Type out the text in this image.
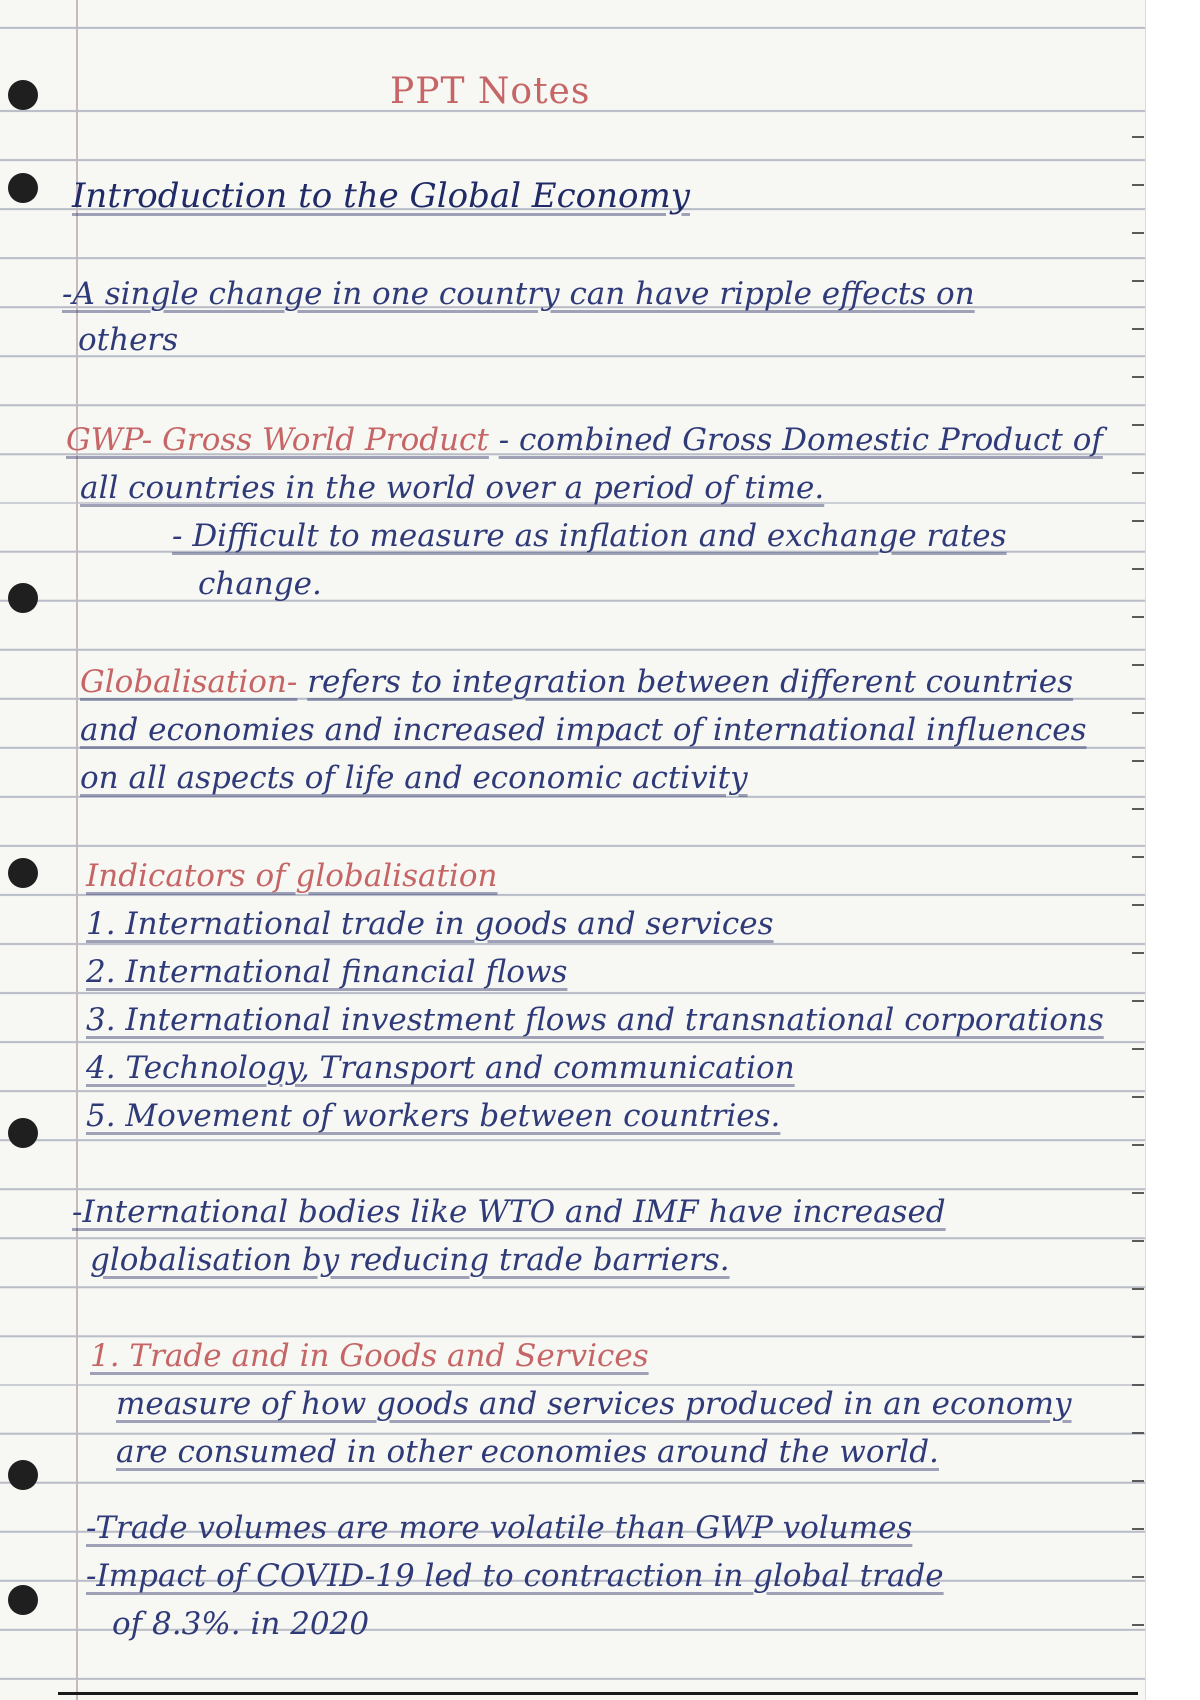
PPT Notes
Introduction to the Global Economy
-A single change in one country can have ripple effects on
others
GWP- Gross World Product - combined Gross Domestic Product of
all countries in the world over a period of time.
- Difficult to measure as inflation and exchange rates
change.
Globalisation- refers to integration between different countries
and economies and increased impact of international influences
on all aspects of life and economic activity
Indicators of globalisation
1. International trade in goods and services
2. International financial flows
3. International investment flows and transnational corporations
4. Technology, Transport and communication
5. Movement of workers between countries.
-International bodies like WTO and IMF have increased
globalisation by reducing trade barriers.
1. Trade and in Goods and Services
measure of how goods and services produced in an economy
are consumed in other economies around the world.
-Trade volumes are more volatile than GWP volumes
-Impact of COVID-19 led to contraction in global trade
of 8.3%. in 2020
